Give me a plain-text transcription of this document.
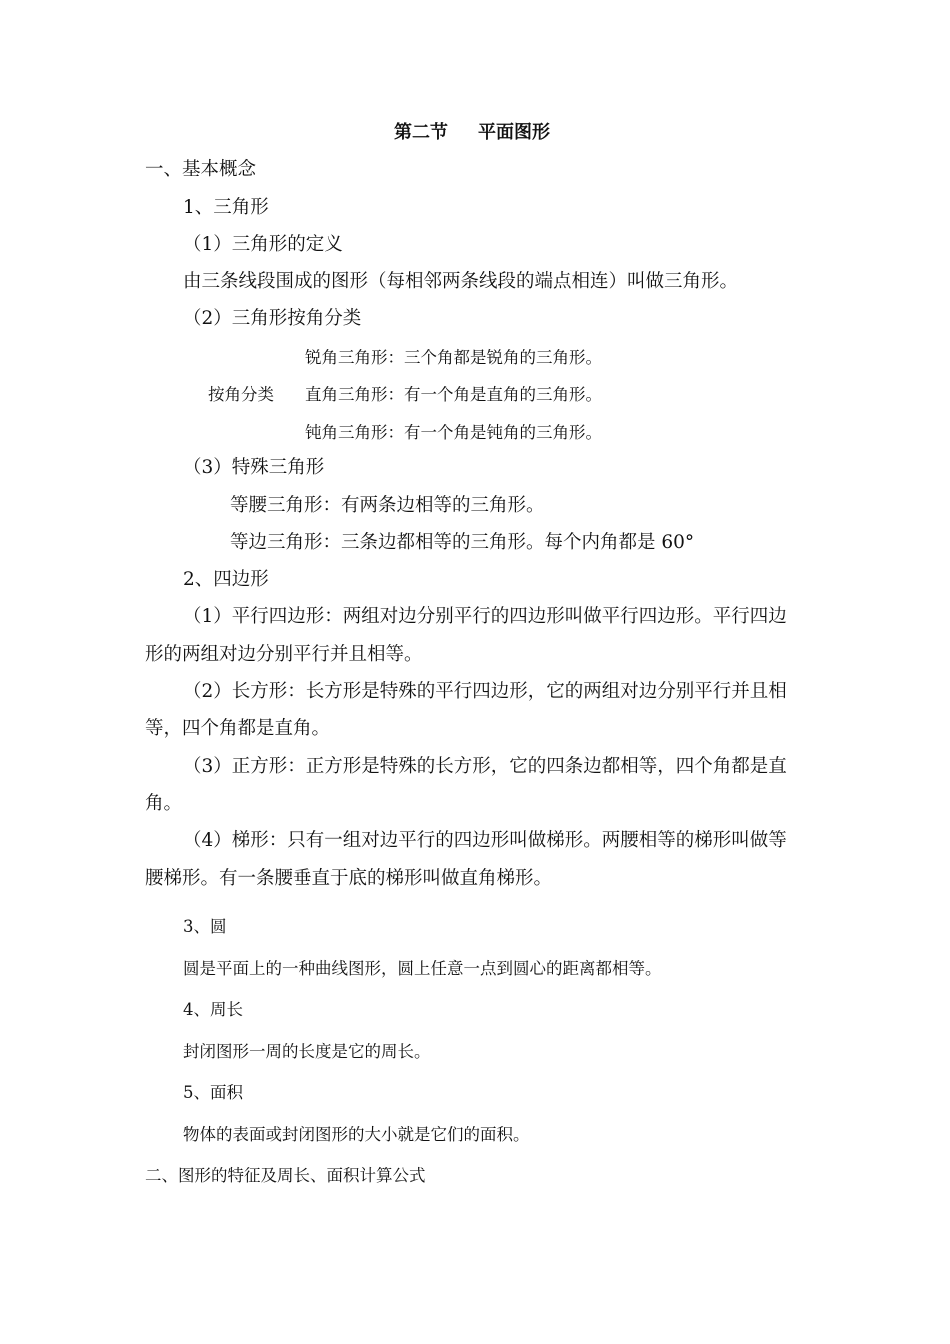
第二节 平面图形
一、基本概念
1、三角形
（1）三角形的定义
由三条线段围成的图形（每相邻两条线段的端点相连）叫做三角形。
（2）三角形按角分类
锐角三角形：三个角都是锐角的三角形。
按角分类 直角三角形：有一个角是直角的三角形。
钝角三角形：有一个角是钝角的三角形。
（3）特殊三角形
等腰三角形：有两条边相等的三角形。
等边三角形：三条边都相等的三角形。每个内角都是 60°
2、四边形
（1）平行四边形：两组对边分别平行的四边形叫做平行四边形。平行四边
形的两组对边分别平行并且相等。
（2）长方形：长方形是特殊的平行四边形，它的两组对边分别平行并且相
等，四个角都是直角。
（3）正方形：正方形是特殊的长方形，它的四条边都相等，四个角都是直
角。
（4）梯形：只有一组对边平行的四边形叫做梯形。两腰相等的梯形叫做等
腰梯形。有一条腰垂直于底的梯形叫做直角梯形。
3、圆
圆是平面上的一种曲线图形，圆上任意一点到圆心的距离都相等。
4、周长
封闭图形一周的长度是它的周长。
5、面积
物体的表面或封闭图形的大小就是它们的面积。
二、图形的特征及周长、面积计算公式
